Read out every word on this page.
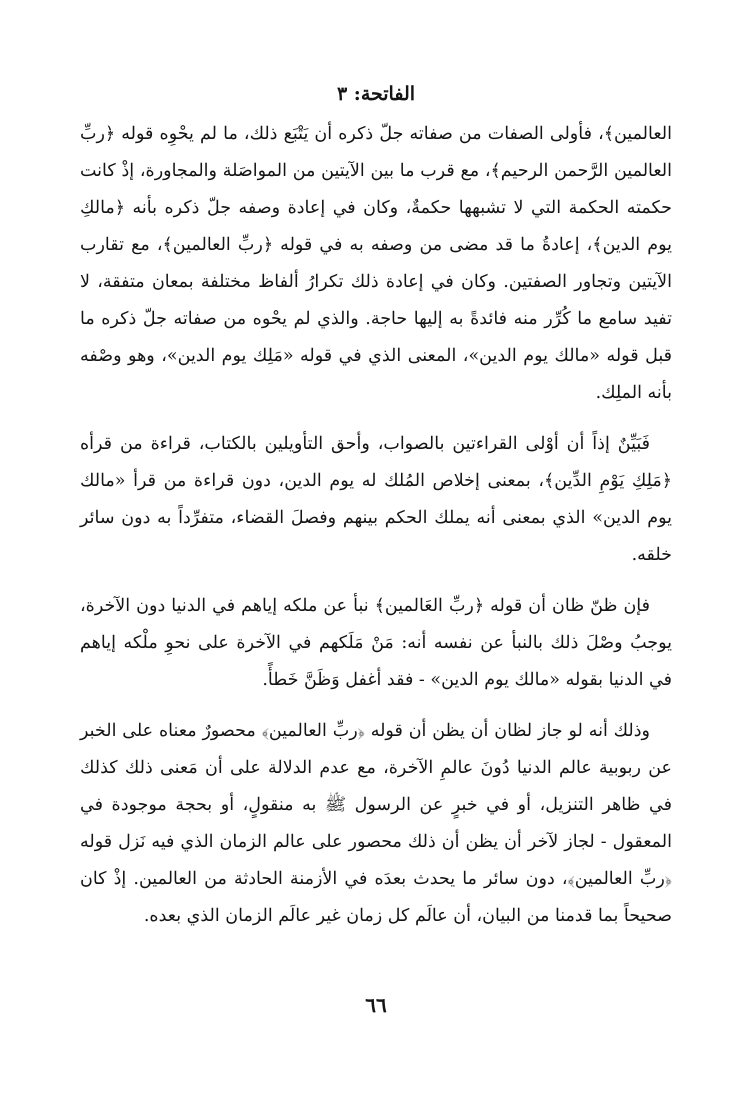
الفاتحة: ٣

العالمين﴾، فأولى الصفات من صفاته جلّ ذكره أن يَتْبَع ذلك، ما لم يحْوِه قوله ﴿ربِّ العالمين الرَّحمن الرحيم﴾، مع قرب ما بين الآيتين من المواصَلة والمجاورة، إذْ كانت حكمته الحكمة التي لا تشبهها حكمةٌ، وكان في إعادة وصفه جلّ ذكره بأنه ﴿مالكِ يوم الدين﴾، إعادةُ ما قد مضى من وصفه به في قوله ﴿ربِّ العالمين﴾، مع تقارب الآيتين وتجاور الصفتين. وكان في إعادة ذلك تكرارُ ألفاظ مختلفة بمعان متفقة، لا تفيد سامع ما كُرِّر منه فائدةً به إليها حاجة. والذي لم يحْوه من صفاته جلّ ذكره ما قبل قوله «مالك يوم الدين»، المعنى الذي في قوله «مَلِك يوم الدين»، وهو وصْفه بأنه الملِك.

فَبَيِّنٌ إذاً أن أوْلى القراءتين بالصواب، وأحق التأويلين بالكتاب، قراءة من قرأه ﴿مَلِكِ يَوْمِ الدِّين﴾، بمعنى إخلاص المُلك له يوم الدين، دون قراءة من قرأ «مالك يوم الدين» الذي بمعنى أنه يملك الحكم بينهم وفصلَ القضاء، متفرِّداً به دون سائر خلقه.

فإن ظنّ ظان أن قوله ﴿ربِّ العَالمين﴾ نبأ عن ملكه إياهم في الدنيا دون الآخرة، يوجبُ وصْلَ ذلك بالنبأ عن نفسه أنه: مَنْ مَلَكهم في الآخرة على نحوِ ملْكه إياهم في الدنيا بقوله «مالك يوم الدين» - فقد أغفل وَظَنَّ خَطأً.

وذلك أنه لو جاز لظان أن يظن أن قوله ﴿ربِّ العالمين﴾ محصورٌ معناه على الخبر عن ربوبية عالم الدنيا دُونَ عالمِ الآخرة، مع عدم الدلالة على أن مَعنى ذلك كذلك في ظاهر التنزيل، أو في خبرٍ عن الرسول ﷺ به منقولٍ، أو بحجة موجودة في المعقول - لجاز لآخر أن يظن أن ذلك محصور على عالم الزمان الذي فيه نَزل قوله ﴿ربِّ العالمين﴾، دون سائر ما يحدث بعدَه في الأزمنة الحادثة من العالمين. إذْ كان صحيحاً بما قدمنا من البيان، أن عالَم كل زمان غير عالَم الزمان الذي بعده.

٦٦
